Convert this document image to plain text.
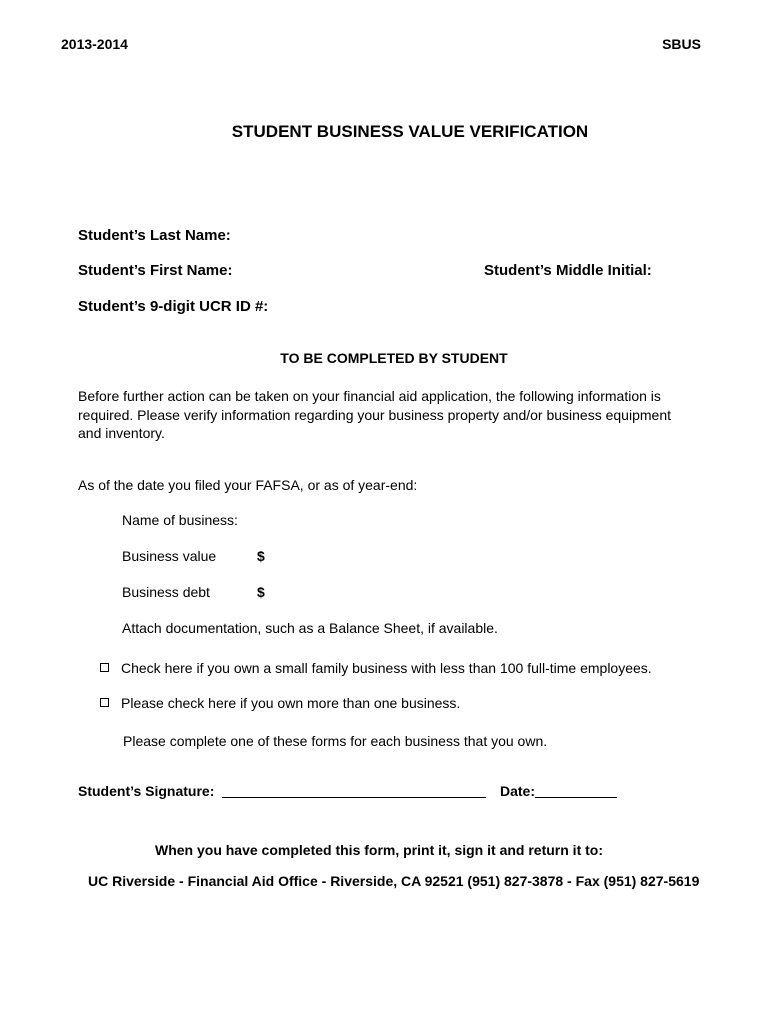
2013-2014	SBUS
STUDENT BUSINESS VALUE VERIFICATION
Student’s Last Name:
Student’s First Name:	Student’s Middle Initial:
Student’s 9-digit UCR ID #:
TO BE COMPLETED BY STUDENT
Before further action can be taken on your financial aid application, the following information is required. Please verify information regarding your business property and/or business equipment and inventory.
As of the date you filed your FAFSA, or as of year-end:
Name of business:
Business value	$
Business debt	$
Attach documentation, such as a Balance Sheet, if available.
Check here if you own a small family business with less than 100 full-time employees.
Please check here if you own more than one business.
Please complete one of these forms for each business that you own.
Student’s Signature:	Date:
When you have completed this form, print it, sign it and return it to:
UC Riverside - Financial Aid Office - Riverside, CA 92521 (951) 827-3878 - Fax (951) 827-5619
